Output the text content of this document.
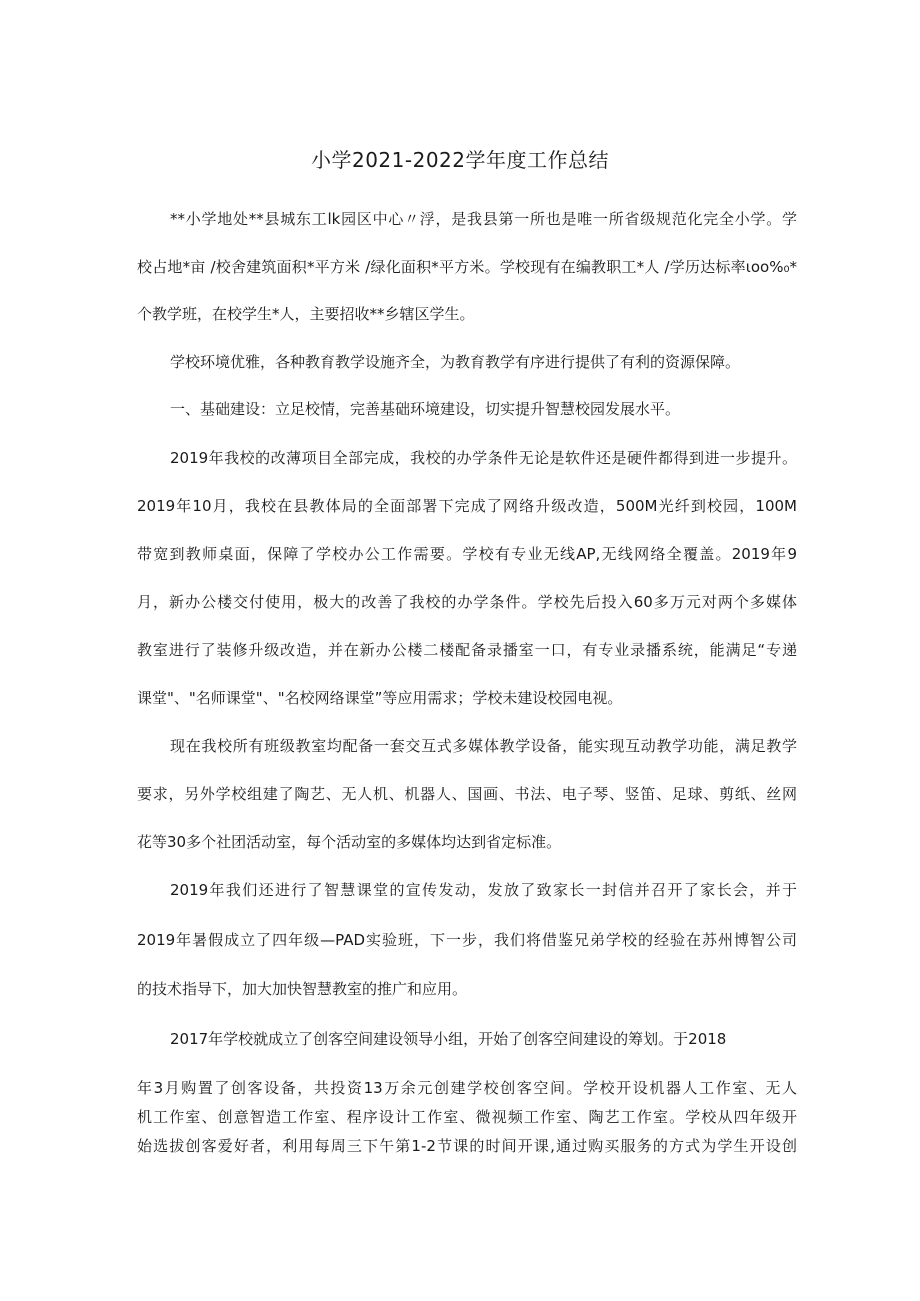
小学2021-2022学年度工作总结
**小学地处**县城东工lk园区中心〃浮，是我县第一所也是唯一所省级规范化完全小学。学
校占地*亩 /校舍建筑面积*平方米 /绿化面积*平方米。学校现有在编教职工*人 /学历达标率ιoo%₀*
个教学班，在校学生*人，主要招收**乡辖区学生。
学校环境优雅，各种教育教学设施齐全，为教育教学有序进行提供了有利的资源保障。
一、基础建设：立足校情，完善基础环境建设，切实提升智慧校园发展水平。
2019年我校的改薄项目全部完成，我校的办学条件无论是软件还是硬件都得到进一步提升。
2019年10月，我校在县教体局的全面部署下完成了网络升级改造，500M光纤到校园，100M
带宽到教师桌面，保障了学校办公工作需要。学校有专业无线AP,无线网络全覆盖。2019年9
月，新办公楼交付使用，极大的改善了我校的办学条件。学校先后投入60多万元对两个多媒体
教室进行了装修升级改造，并在新办公楼二楼配备录播室一口，有专业录播系统，能满足“专递
课堂"、"名师课堂"、"名校网络课堂”等应用需求；学校未建设校园电视。
现在我校所有班级教室均配备一套交互式多媒体教学设备，能实现互动教学功能，满足教学
要求，另外学校组建了陶艺、无人机、机器人、国画、书法、电子琴、竖笛、足球、剪纸、丝网
花等30多个社团活动室，每个活动室的多媒体均达到省定标准。
2019年我们还进行了智慧课堂的宣传发动，发放了致家长一封信并召开了家长会，并于
2019年暑假成立了四年级—PAD实验班，下一步，我们将借鉴兄弟学校的经验在苏州博智公司
的技术指导下，加大加快智慧教室的推广和应用。
2017年学校就成立了创客空间建设领导小组，开始了创客空间建设的筹划。于2018
年3月购置了创客设备，共投资13万余元创建学校创客空间。学校开设机器人工作室、无人
机工作室、创意智造工作室、程序设计工作室、微视频工作室、陶艺工作室。学校从四年级开
始选拔创客爱好者，利用每周三下午第1-2节课的时间开课,通过购买服务的方式为学生开设创
